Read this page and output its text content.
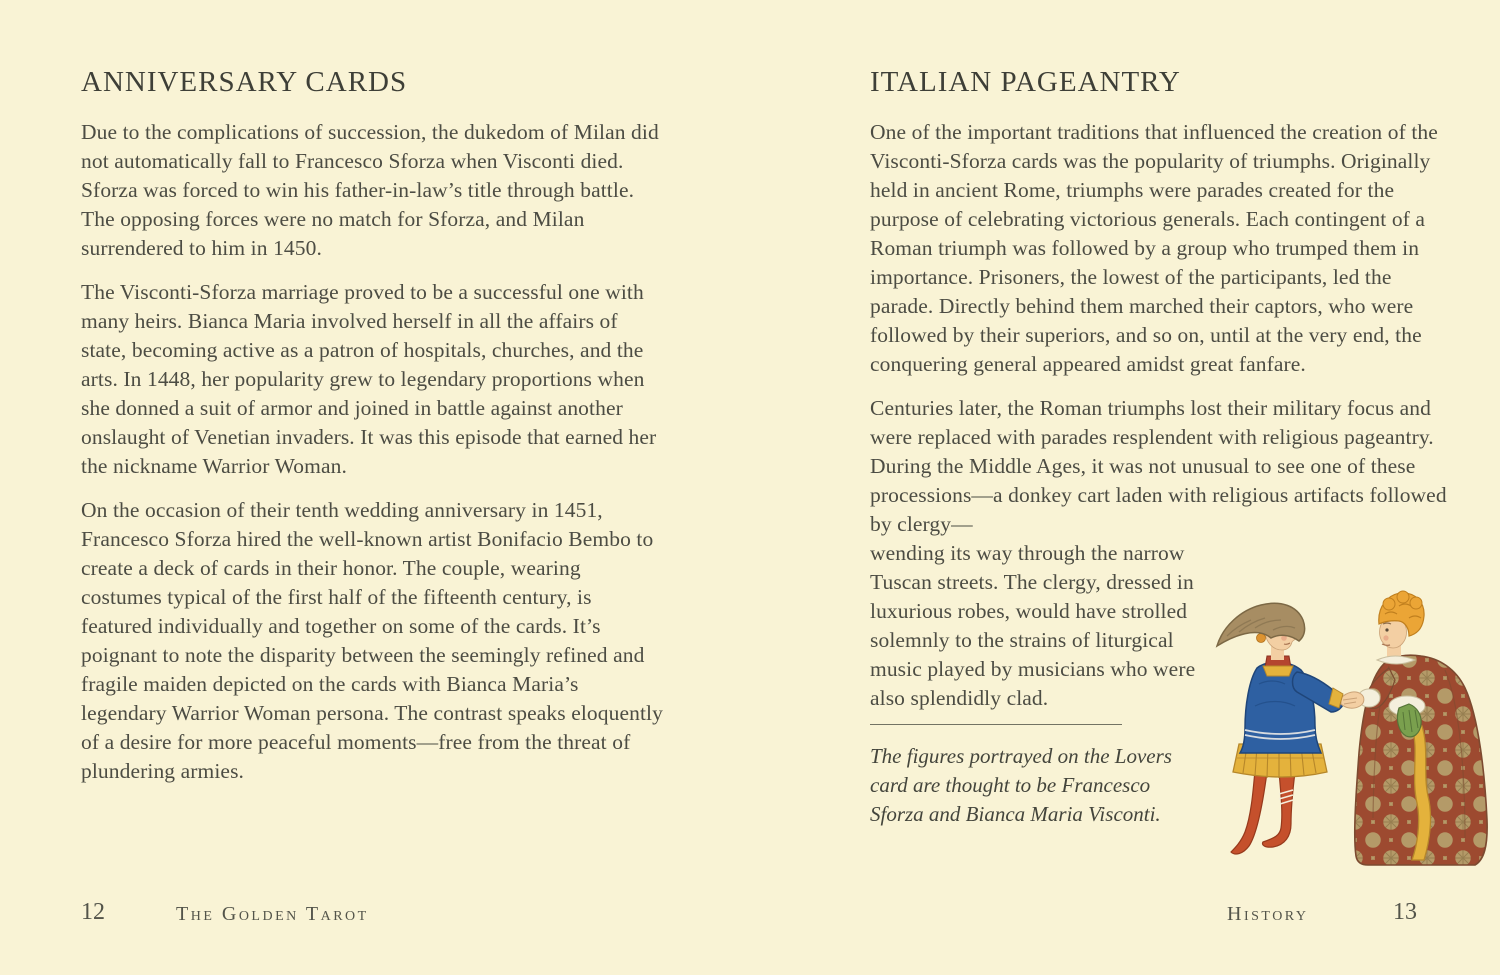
ANNIVERSARY CARDS

Due to the complications of succession, the dukedom of Milan did not automatically fall to Francesco Sforza when Visconti died. Sforza was forced to win his father-in-law’s title through battle. The opposing forces were no match for Sforza, and Milan surrendered to him in 1450.

The Visconti-Sforza marriage proved to be a successful one with many heirs. Bianca Maria involved herself in all the affairs of state, becoming active as a patron of hospitals, churches, and the arts. In 1448, her popularity grew to legendary proportions when she donned a suit of armor and joined in battle against another onslaught of Venetian invaders. It was this episode that earned her the nickname Warrior Woman.

On the occasion of their tenth wedding anniversary in 1451, Francesco Sforza hired the well-known artist Bonifacio Bembo to create a deck of cards in their honor. The couple, wearing costumes typical of the first half of the fifteenth century, is featured individually and together on some of the cards. It’s poignant to note the disparity between the seemingly refined and fragile maiden depicted on the cards with Bianca Maria’s legendary Warrior Woman persona. The contrast speaks eloquently of a desire for more peaceful moments—free from the threat of plundering armies.

ITALIAN PAGEANTRY

One of the important traditions that influenced the creation of the Visconti-Sforza cards was the popularity of triumphs. Originally held in ancient Rome, triumphs were parades created for the purpose of celebrating victorious generals. Each contingent of a Roman triumph was followed by a group who trumped them in importance. Prisoners, the lowest of the participants, led the parade. Directly behind them marched their captors, who were followed by their superiors, and so on, until at the very end, the conquering general appeared amidst great fanfare.

Centuries later, the Roman triumphs lost their military focus and were replaced with parades resplendent with religious pageantry. During the Middle Ages, it was not unusual to see one of these processions—a donkey cart laden with religious artifacts followed by clergy—

wending its way through the narrow Tuscan streets. The clergy, dressed in luxurious robes, would have strolled solemnly to the strains of liturgical music played by musicians who were also splendidly clad.

The figures portrayed on the Lovers card are thought to be Francesco Sforza and Bianca Maria Visconti.

12	The Golden Tarot	History	13
